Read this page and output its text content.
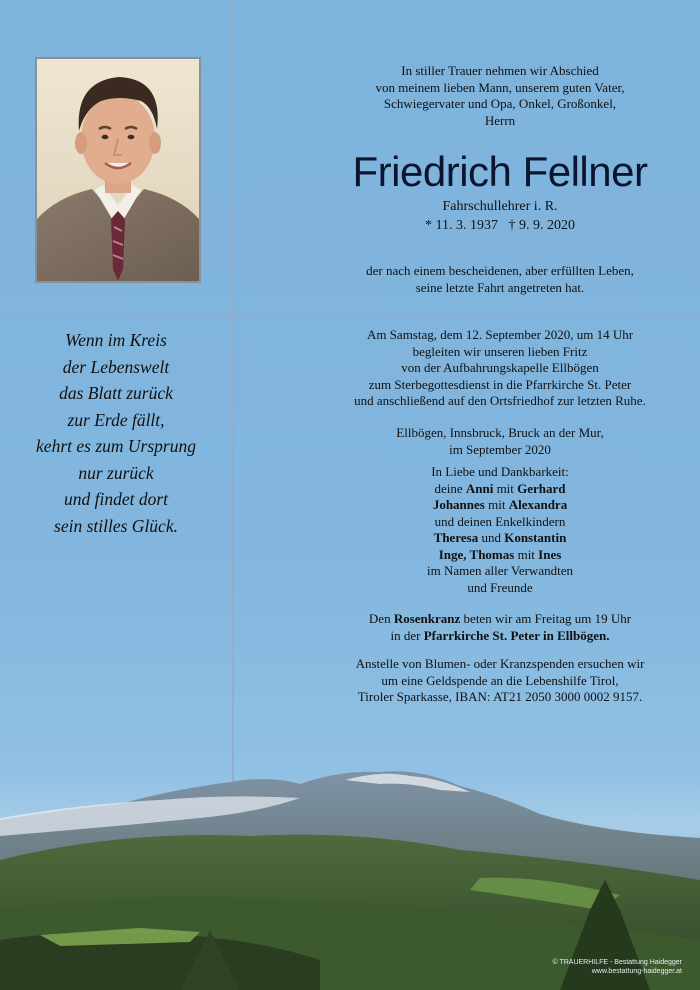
Wenn im Kreis
der Lebenswelt
das Blatt zurück
zur Erde fällt,
kehrt es zum Ursprung
nur zurück
und findet dort
sein stilles Glück.
In stiller Trauer nehmen wir Abschied
von meinem lieben Mann, unserem guten Vater,
Schwiegervater und Opa, Onkel, Großonkel,
Herrn
Friedrich Fellner
Fahrschullehrer i. R.
* 11. 3. 1937   † 9. 9. 2020
der nach einem bescheidenen, aber erfüllten Leben,
seine letzte Fahrt angetreten hat.
Am Samstag, dem 12. September 2020, um 14 Uhr
begleiten wir unseren lieben Fritz
von der Aufbahrungskapelle Ellbögen
zum Sterbegottesdienst in die Pfarrkirche St. Peter
und anschließend auf den Ortsfriedhof zur letzten Ruhe.
Ellbögen, Innsbruck, Bruck an der Mur,
im September 2020
In Liebe und Dankbarkeit:
deine Anni mit Gerhard
Johannes mit Alexandra
und deinen Enkelkindern
Theresa und Konstantin
Inge, Thomas mit Ines
im Namen aller Verwandten
und Freunde
Den Rosenkranz beten wir am Freitag um 19 Uhr
in der Pfarrkirche St. Peter in Ellbögen.
Anstelle von Blumen- oder Kranzspenden ersuchen wir
um eine Geldspende an die Lebenshilfe Tirol,
Tiroler Sparkasse, IBAN: AT21 2050 3000 0002 9157.
© TRAUERHILFE - Bestattung Haidegger
www.bestattung-haidegger.at
